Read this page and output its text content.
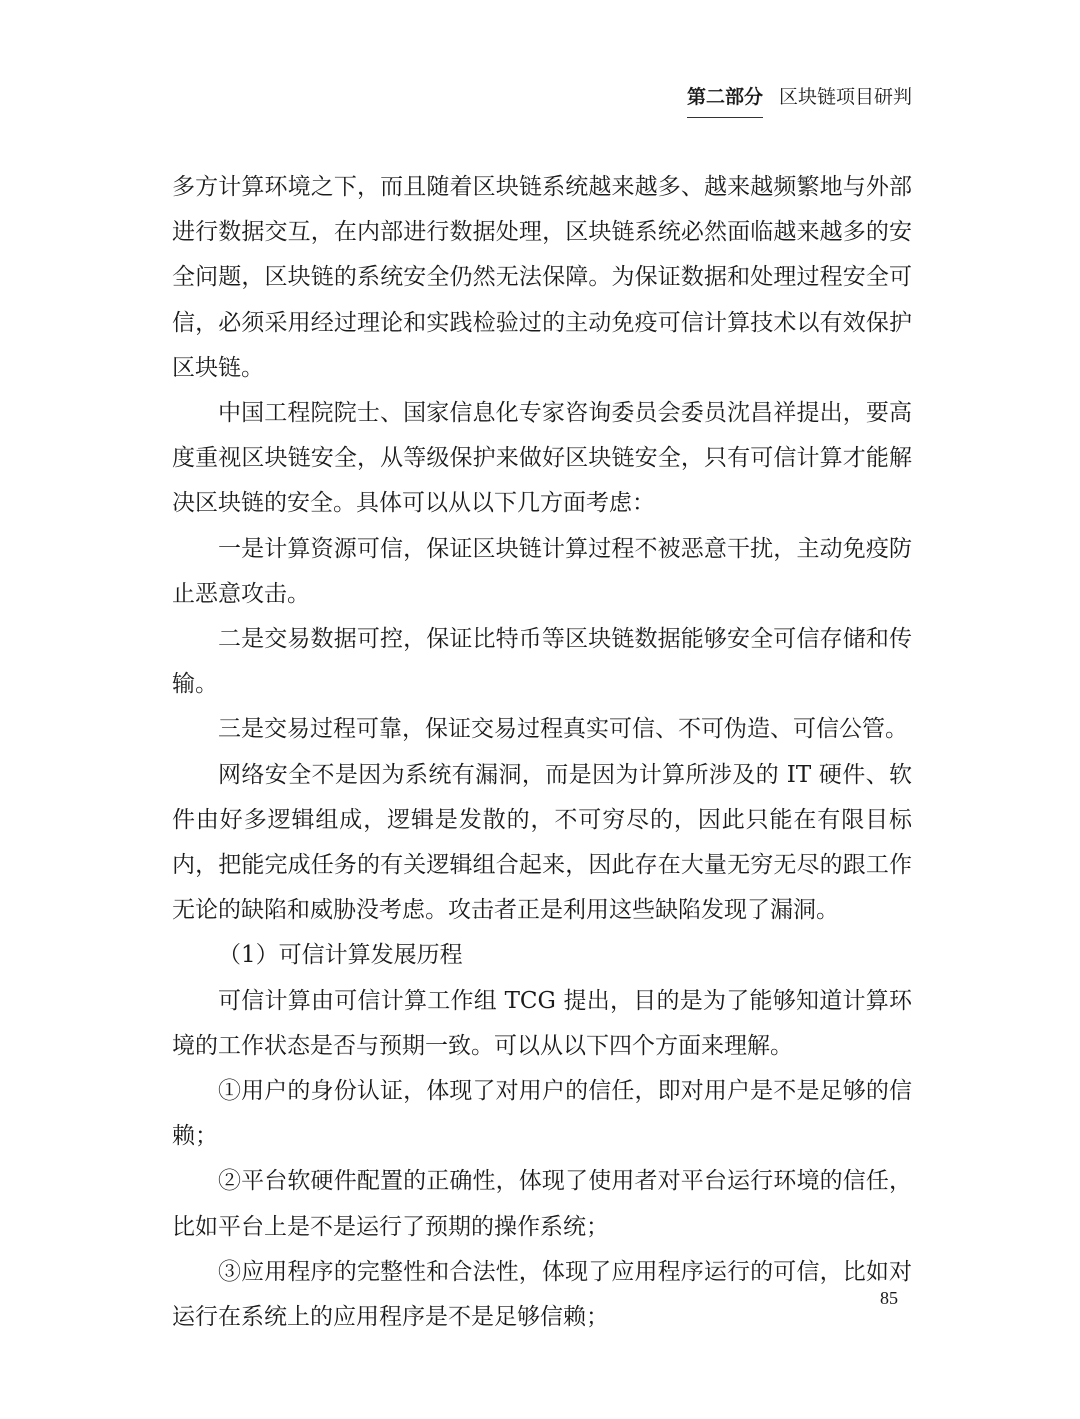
第二部分 区块链项目研判

多方计算环境之下，而且随着区块链系统越来越多、越来越频繁地与外部进行数据交互，在内部进行数据处理，区块链系统必然面临越来越多的安全问题，区块链的系统安全仍然无法保障。为保证数据和处理过程安全可信，必须采用经过理论和实践检验过的主动免疫可信计算技术以有效保护区块链。

中国工程院院士、国家信息化专家咨询委员会委员沈昌祥提出，要高度重视区块链安全，从等级保护来做好区块链安全，只有可信计算才能解决区块链的安全。具体可以从以下几方面考虑：

一是计算资源可信，保证区块链计算过程不被恶意干扰，主动免疫防止恶意攻击。

二是交易数据可控，保证比特币等区块链数据能够安全可信存储和传输。

三是交易过程可靠，保证交易过程真实可信、不可伪造、可信公管。

网络安全不是因为系统有漏洞，而是因为计算所涉及的 IT 硬件、软件由好多逻辑组成，逻辑是发散的，不可穷尽的，因此只能在有限目标内，把能完成任务的有关逻辑组合起来，因此存在大量无穷无尽的跟工作无论的缺陷和威胁没考虑。攻击者正是利用这些缺陷发现了漏洞。

（1）可信计算发展历程

可信计算由可信计算工作组 TCG 提出，目的是为了能够知道计算环境的工作状态是否与预期一致。可以从以下四个方面来理解。

①用户的身份认证，体现了对用户的信任，即对用户是不是足够的信赖；

②平台软硬件配置的正确性，体现了使用者对平台运行环境的信任，比如平台上是不是运行了预期的操作系统；

③应用程序的完整性和合法性，体现了应用程序运行的可信，比如对运行在系统上的应用程序是不是足够信赖；

85
